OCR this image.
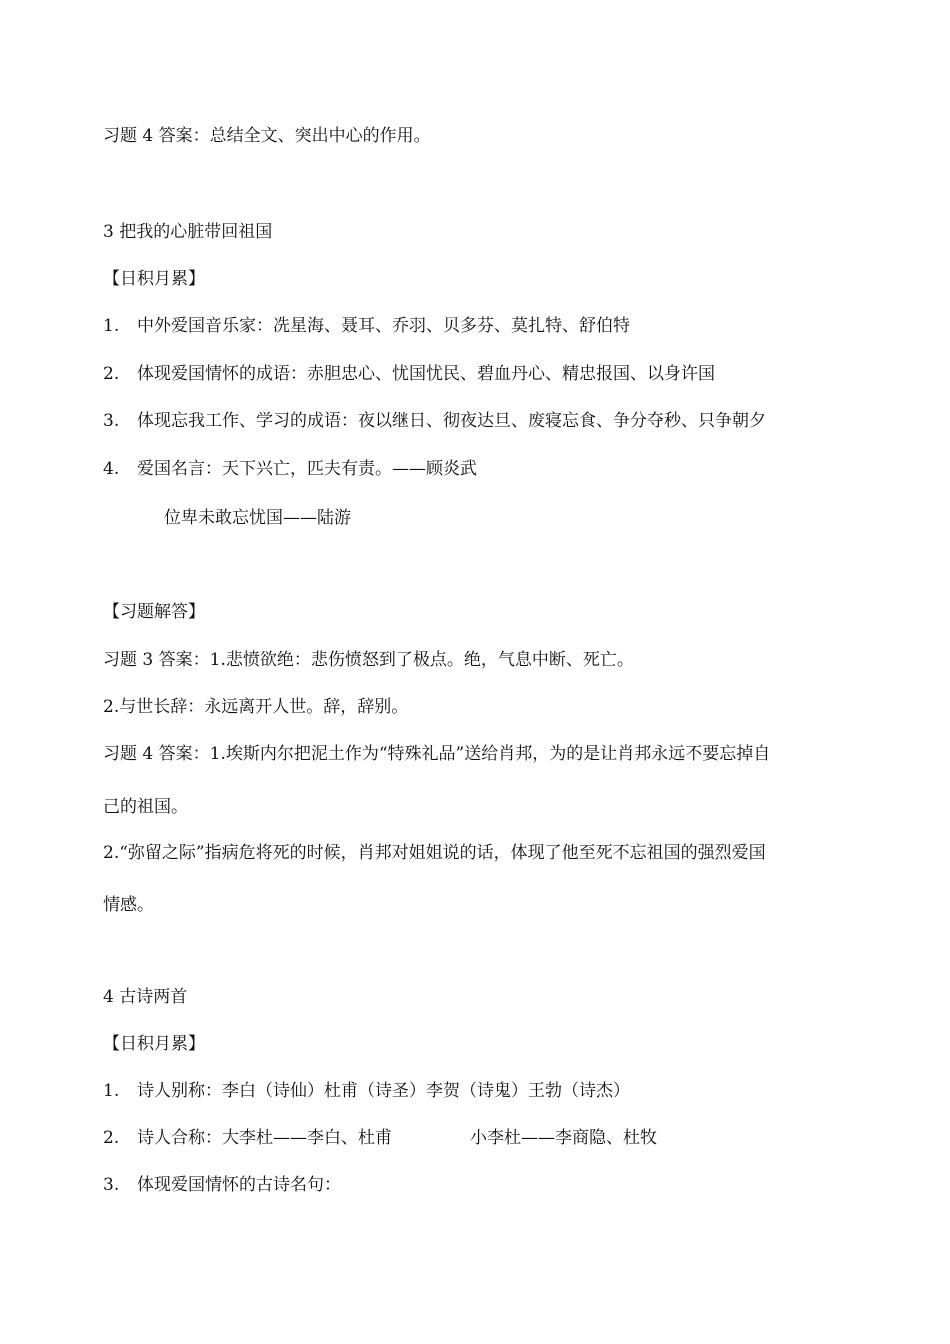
习题 4 答案：总结全文、突出中心的作用。
3 把我的心脏带回祖国
【日积月累】
1. 中外爱国音乐家：冼星海、聂耳、乔羽、贝多芬、莫扎特、舒伯特
2. 体现爱国情怀的成语：赤胆忠心、忧国忧民、碧血丹心、精忠报国、以身许国
3. 体现忘我工作、学习的成语：夜以继日、彻夜达旦、废寝忘食、争分夺秒、只争朝夕
4. 爱国名言：天下兴亡，匹夫有责。——顾炎武
位卑未敢忘忧国——陆游
【习题解答】
习题 3 答案：1.悲愤欲绝：悲伤愤怒到了极点。绝，气息中断、死亡。
2.与世长辞：永远离开人世。辞，辞别。
习题 4 答案：1.埃斯内尔把泥土作为“特殊礼品”送给肖邦，为的是让肖邦永远不要忘掉自
己的祖国。
2.“弥留之际”指病危将死的时候，肖邦对姐姐说的话，体现了他至死不忘祖国的强烈爱国
情感。
4 古诗两首
【日积月累】
1. 诗人别称：李白（诗仙）杜甫（诗圣）李贺（诗鬼）王勃（诗杰）
2. 诗人合称：大李杜——李白、杜甫	小李杜——李商隐、杜牧
3. 体现爱国情怀的古诗名句：
